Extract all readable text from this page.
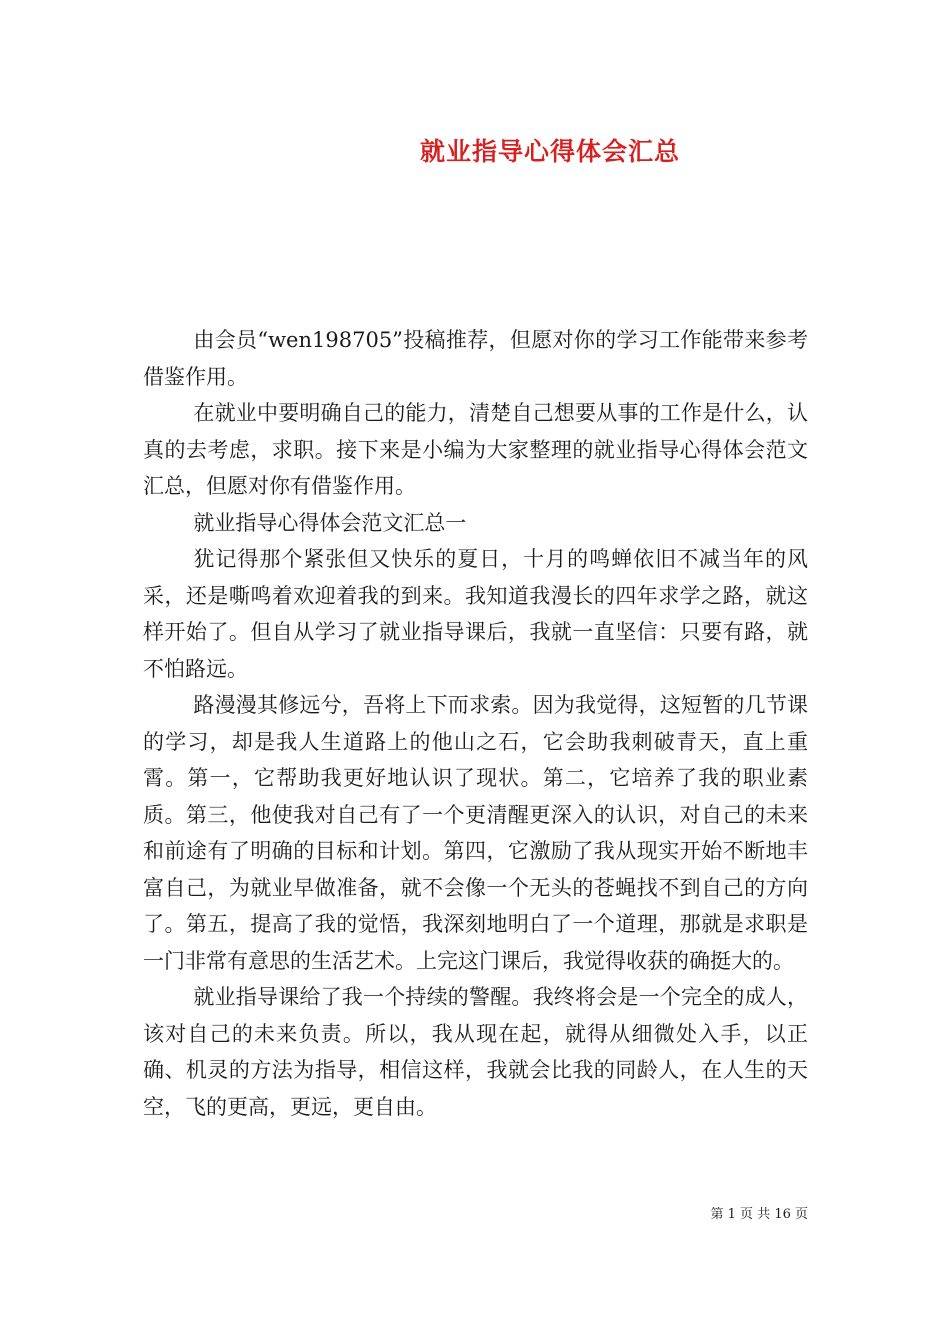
就业指导心得体会汇总

由会员“wen198705”投稿推荐，但愿对你的学习工作能带来参考借鉴作用。

在就业中要明确自己的能力，清楚自己想要从事的工作是什么，认真的去考虑，求职。接下来是小编为大家整理的就业指导心得体会范文汇总，但愿对你有借鉴作用。

就业指导心得体会范文汇总一

犹记得那个紧张但又快乐的夏日，十月的鸣蝉依旧不减当年的风采，还是嘶鸣着欢迎着我的到来。我知道我漫长的四年求学之路，就这样开始了。但自从学习了就业指导课后，我就一直坚信：只要有路，就不怕路远。

路漫漫其修远兮，吾将上下而求索。因为我觉得，这短暂的几节课的学习，却是我人生道路上的他山之石，它会助我刺破青天，直上重霄。第一，它帮助我更好地认识了现状。第二，它培养了我的职业素质。第三，他使我对自己有了一个更清醒更深入的认识，对自己的未来和前途有了明确的目标和计划。第四，它激励了我从现实开始不断地丰富自己，为就业早做准备，就不会像一个无头的苍蝇找不到自己的方向了。第五，提高了我的觉悟，我深刻地明白了一个道理，那就是求职是一门非常有意思的生活艺术。上完这门课后，我觉得收获的确挺大的。

就业指导课给了我一个持续的警醒。我终将会是一个完全的成人，该对自己的未来负责。所以，我从现在起，就得从细微处入手，以正确、机灵的方法为指导，相信这样，我就会比我的同龄人，在人生的天空，飞的更高，更远，更自由。

第 1 页 共 16 页
